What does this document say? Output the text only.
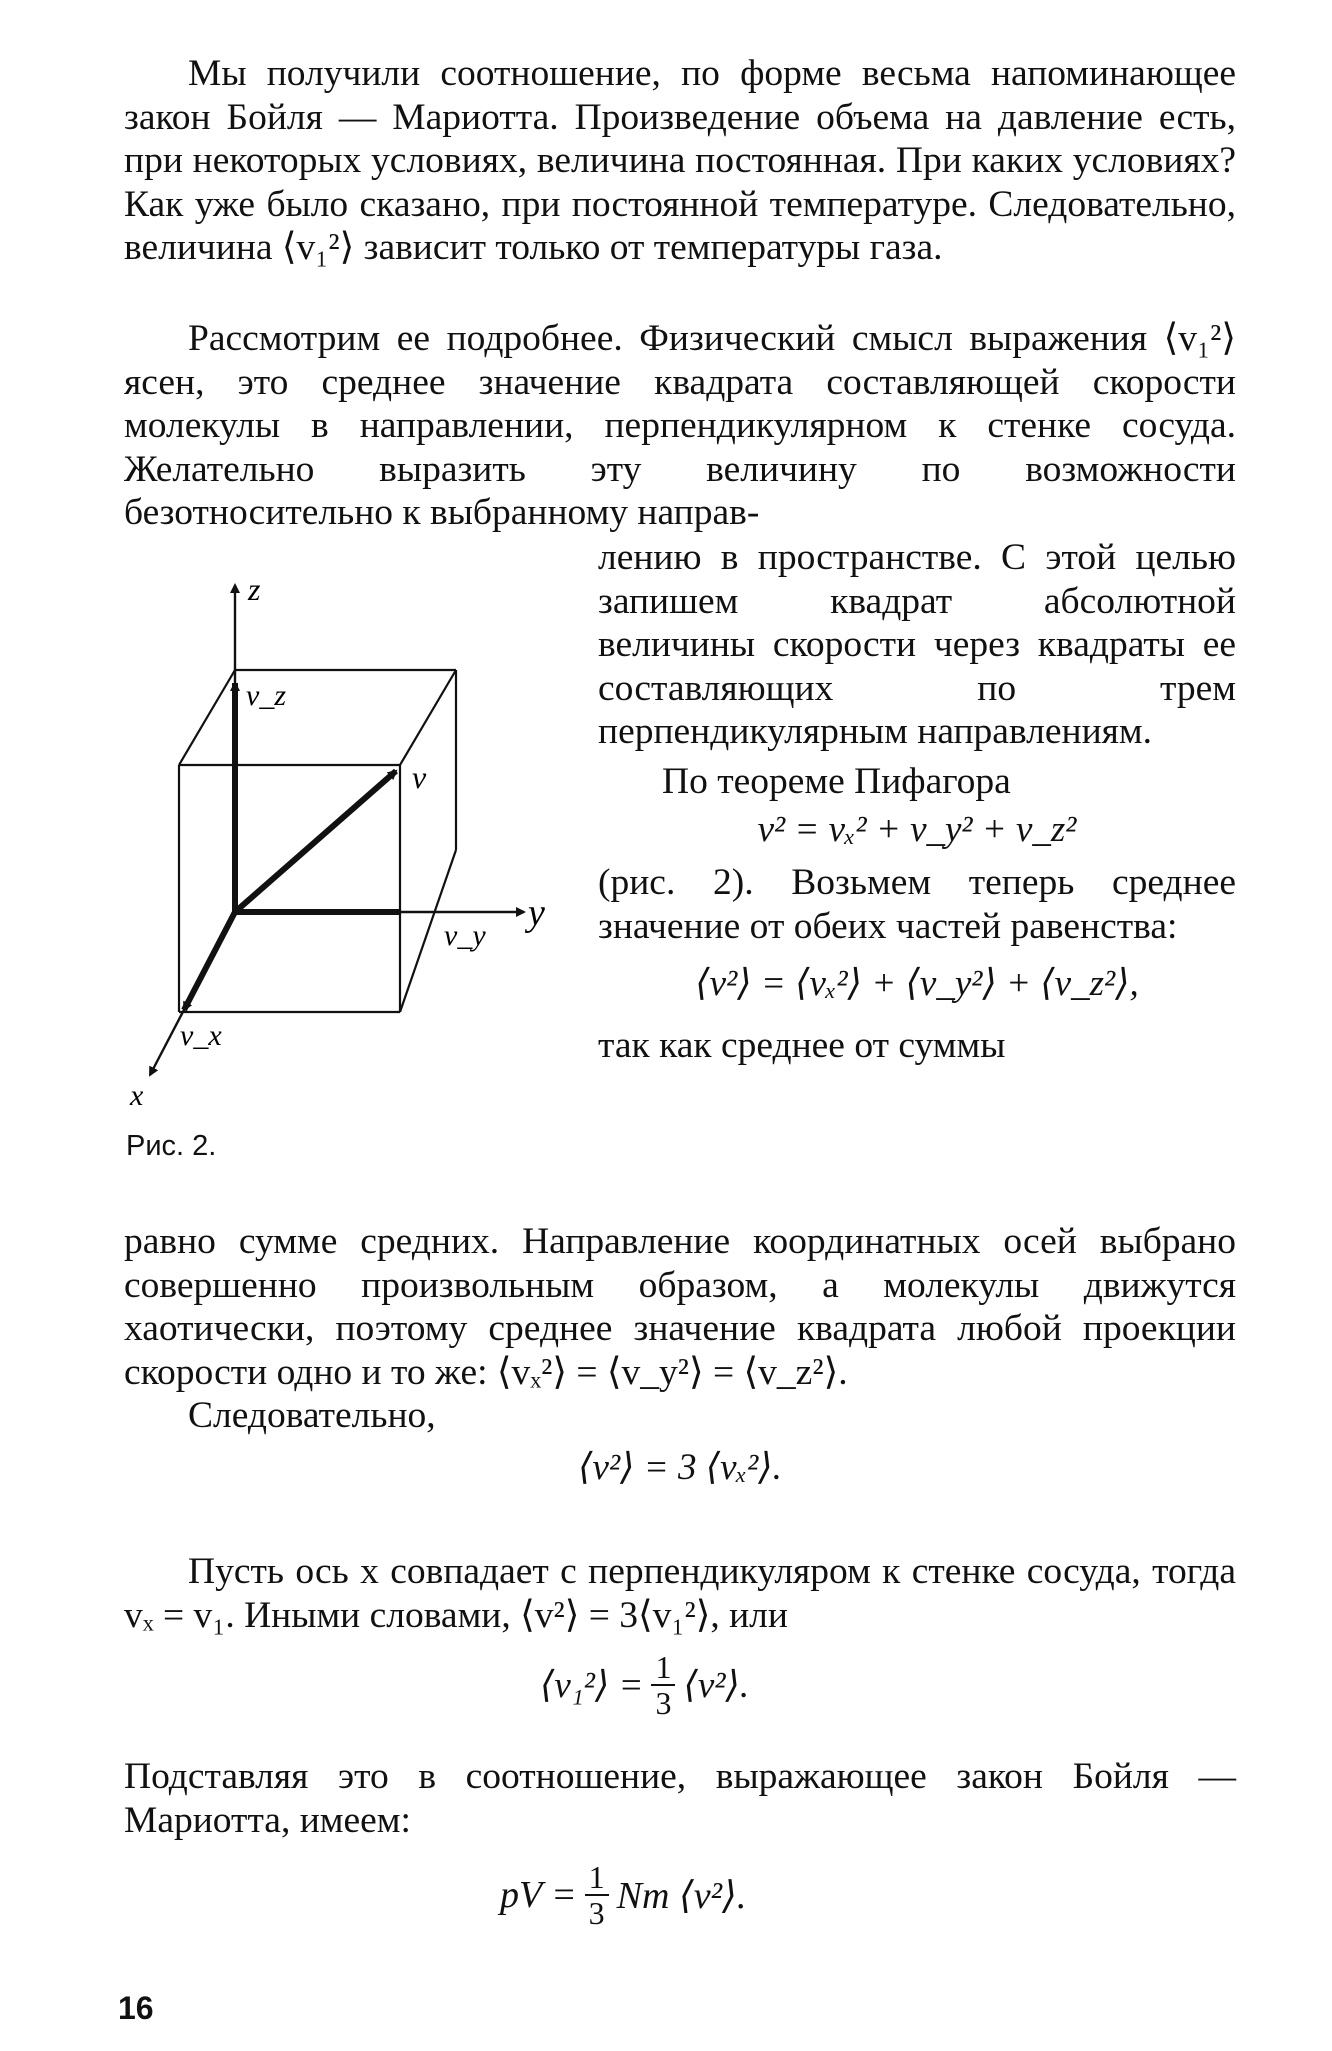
Мы получили соотношение, по форме весьма напоминающее закон Бойля — Мариотта. Произведение объема на давление есть, при некоторых условиях, величина постоянная. При каких условиях? Как уже было сказано, при постоянной температуре. Следовательно, величина ⟨v₁²⟩ зависит только от температуры газа.

Рассмотрим ее подробнее. Физический смысл выражения ⟨v₁²⟩ ясен, это среднее значение квадрата составляющей скорости молекулы в направлении, перпендикулярном к стенке сосуда. Желательно выразить эту величину по возможности безотносительно к выбранному направ-

лению в пространстве. С этой целью запишем квадрат абсолютной величины скорости через квадраты ее составляющих по трем перпендикулярным направлениям.

По теореме Пифагора

v² = vₓ² + v_y² + v_z²

(рис. 2). Возьмем теперь среднее значение от обеих частей равенства:

⟨v²⟩ = ⟨vₓ²⟩ + ⟨v_y²⟩ + ⟨v_z²⟩,

так как среднее от суммы

z
v_z
v
y
v_y
v_x
x
Рис. 2.

равно сумме средних. Направление координатных осей выбрано совершенно произвольным образом, а молекулы движутся хаотически, поэтому среднее значение квадрата любой проекции скорости одно и то же: ⟨vₓ²⟩ = ⟨v_y²⟩ = ⟨v_z²⟩.

Следовательно,

⟨v²⟩ = 3 ⟨vₓ²⟩.

Пусть ось x совпадает с перпендикуляром к стенке сосуда, тогда vₓ = v₁. Иными словами, ⟨v²⟩ = 3⟨v₁²⟩, или

⟨v₁²⟩ = $\frac{1}{3}$ ⟨v²⟩.

Подставляя это в соотношение, выражающее закон Бойля — Мариотта, имеем:

pV = $\frac{1}{3}$ Nm ⟨v²⟩.
16
